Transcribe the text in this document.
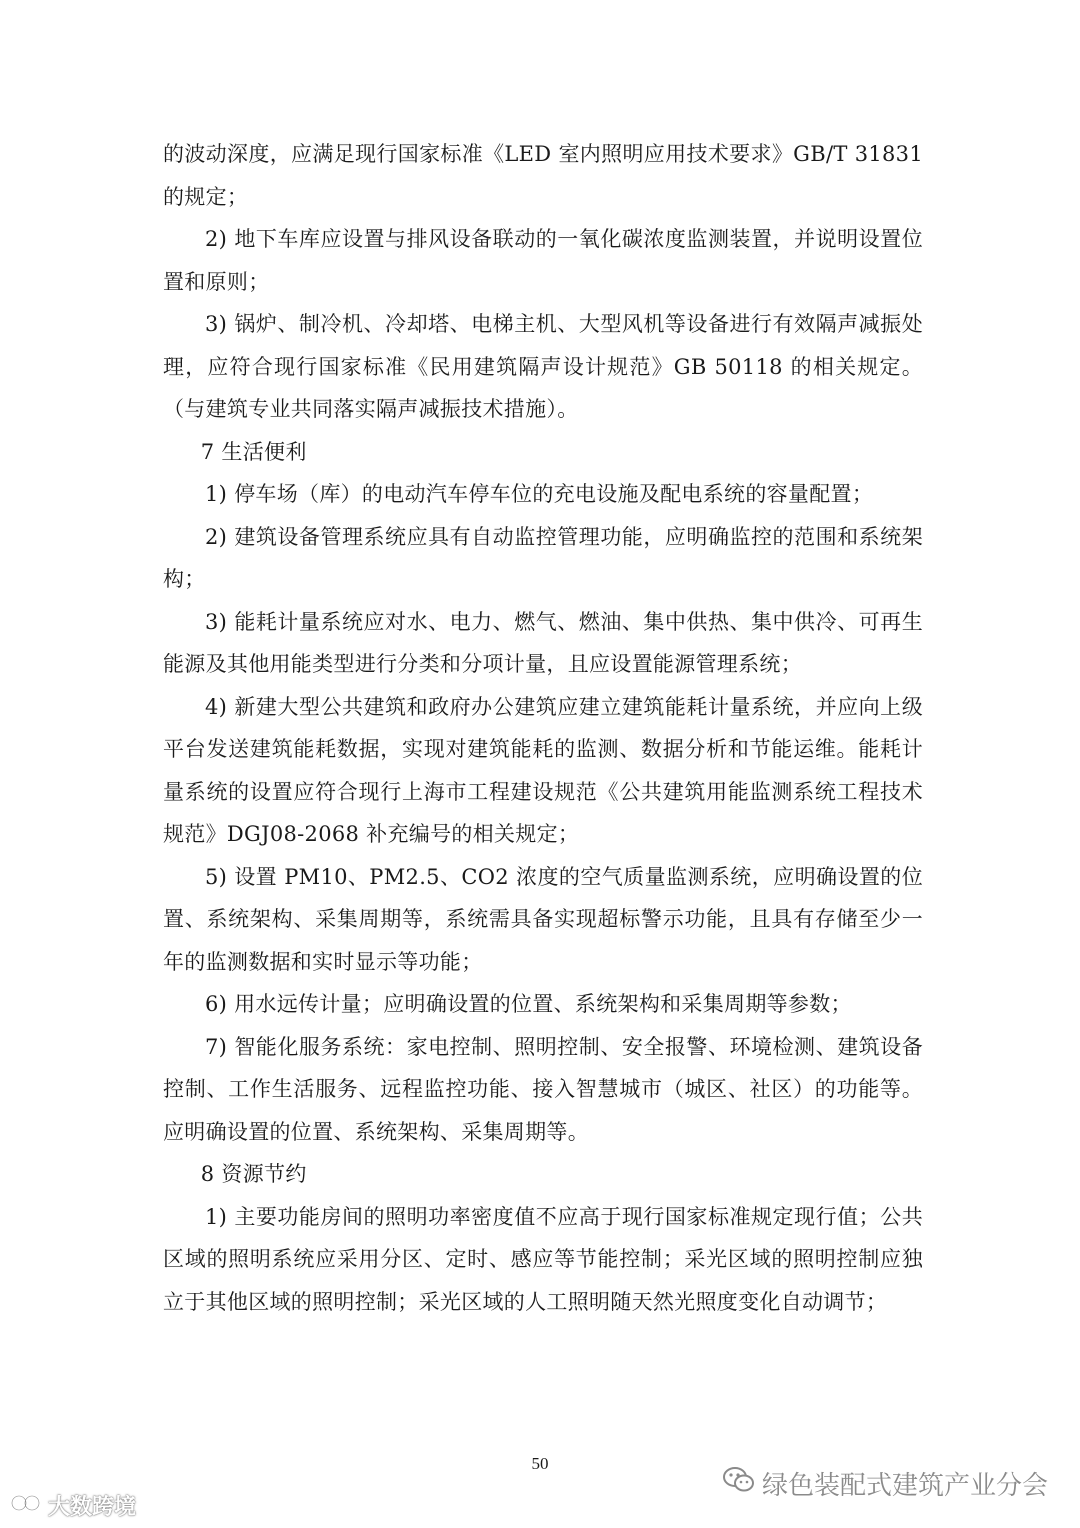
的波动深度，应满足现行国家标准《LED 室内照明应用技术要求》GB/T 31831 的规定；

2) 地下车库应设置与排风设备联动的一氧化碳浓度监测装置，并说明设置位置和原则；

3) 锅炉、制冷机、冷却塔、电梯主机、大型风机等设备进行有效隔声减振处理，应符合现行国家标准《民用建筑隔声设计规范》GB 50118 的相关规定。（与建筑专业共同落实隔声减振技术措施）。

7 生活便利

1) 停车场（库）的电动汽车停车位的充电设施及配电系统的容量配置；

2) 建筑设备管理系统应具有自动监控管理功能，应明确监控的范围和系统架构；

3) 能耗计量系统应对水、电力、燃气、燃油、集中供热、集中供冷、可再生能源及其他用能类型进行分类和分项计量，且应设置能源管理系统；

4) 新建大型公共建筑和政府办公建筑应建立建筑能耗计量系统，并应向上级平台发送建筑能耗数据，实现对建筑能耗的监测、数据分析和节能运维。能耗计量系统的设置应符合现行上海市工程建设规范《公共建筑用能监测系统工程技术规范》DGJ08-2068 补充编号的相关规定；

5) 设置 PM10、PM2.5、CO2 浓度的空气质量监测系统，应明确设置的位置、系统架构、采集周期等，系统需具备实现超标警示功能，且具有存储至少一年的监测数据和实时显示等功能；

6) 用水远传计量；应明确设置的位置、系统架构和采集周期等参数；

7) 智能化服务系统：家电控制、照明控制、安全报警、环境检测、建筑设备控制、工作生活服务、远程监控功能、接入智慧城市（城区、社区）的功能等。应明确设置的位置、系统架构、采集周期等。

8 资源节约

1) 主要功能房间的照明功率密度值不应高于现行国家标准规定现行值；公共区域的照明系统应采用分区、定时、感应等节能控制；采光区域的照明控制应独立于其他区域的照明控制；采光区域的人工照明随天然光照度变化自动调节；

50
绿色装配式建筑产业分会
大数跨境
